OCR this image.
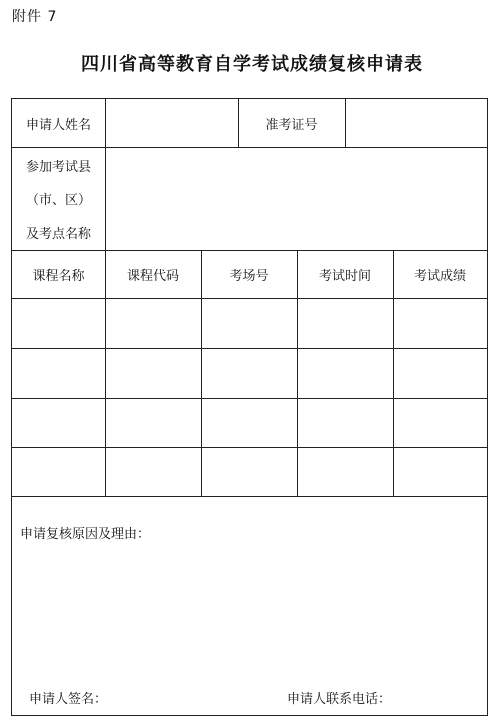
附件 7
四川省高等教育自学考试成绩复核申请表
申请人姓名	准考证号
参加考试县
（市、区）
及考点名称
课程名称	课程代码	考场号	考试时间	考试成绩
申请复核原因及理由：
申请人签名：	申请人联系电话：
